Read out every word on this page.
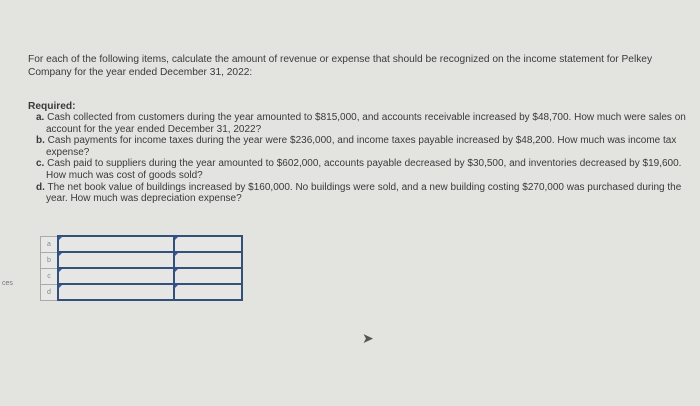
For each of the following items, calculate the amount of revenue or expense that should be recognized on the income statement for Pelkey Company for the year ended December 31, 2022:
Required:

a. Cash collected from customers during the year amounted to $815,000, and accounts receivable increased by $48,700. How much were sales on account for the year ended December 31, 2022?

b. Cash payments for income taxes during the year were $236,000, and income taxes payable increased by $48,200. How much was income tax expense?

c. Cash paid to suppliers during the year amounted to $602,000, accounts payable decreased by $30,500, and inventories decreased by $19,600. How much was cost of goods sold?

d. The net book value of buildings increased by $160,000. No buildings were sold, and a new building costing $270,000 was purchased during the year. How much was depreciation expense?

ces
a		
b		
c		
d		
➤
